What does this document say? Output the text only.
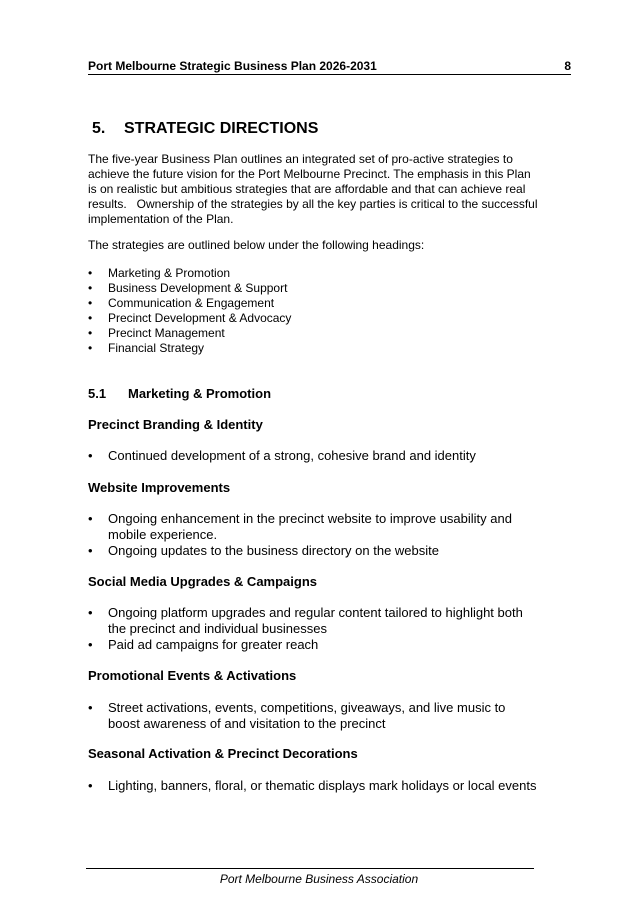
Port Melbourne Strategic Business Plan 2026-2031	8
5. STRATEGIC DIRECTIONS
The five-year Business Plan outlines an integrated set of pro-active strategies to
achieve the future vision for the Port Melbourne Precinct. The emphasis in this Plan
is on realistic but ambitious strategies that are affordable and that can achieve real
results.   Ownership of the strategies by all the key parties is critical to the successful
implementation of the Plan.
The strategies are outlined below under the following headings:
• Marketing & Promotion
• Business Development & Support
• Communication & Engagement
• Precinct Development & Advocacy
• Precinct Management
• Financial Strategy
5.1 Marketing & Promotion
Precinct Branding & Identity
• Continued development of a strong, cohesive brand and identity
Website Improvements
• Ongoing enhancement in the precinct website to improve usability and
mobile experience.
• Ongoing updates to the business directory on the website
Social Media Upgrades & Campaigns
• Ongoing platform upgrades and regular content tailored to highlight both
the precinct and individual businesses
• Paid ad campaigns for greater reach
Promotional Events & Activations
• Street activations, events, competitions, giveaways, and live music to
boost awareness of and visitation to the precinct
Seasonal Activation & Precinct Decorations
• Lighting, banners, floral, or thematic displays mark holidays or local events
Port Melbourne Business Association
